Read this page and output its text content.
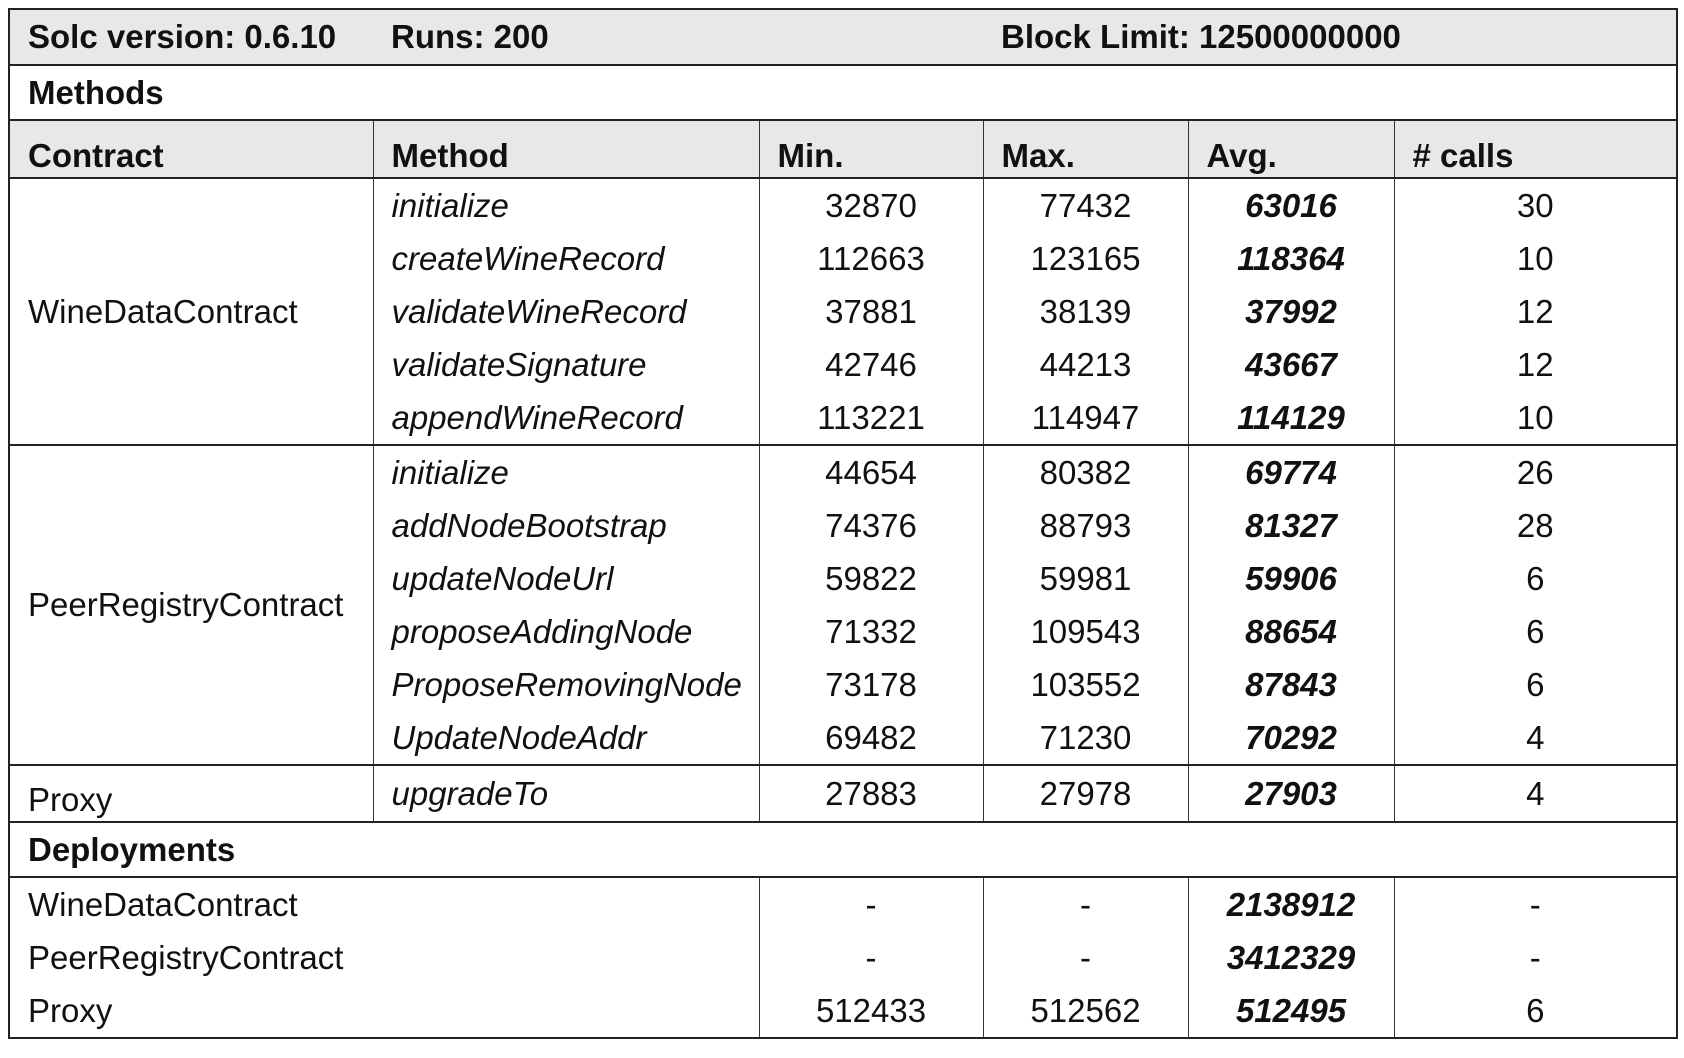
Solc version: 0.6.10	Runs: 200		Block Limit: 12500000000		
Methods					
Contract	Method	Min.	Max.	Avg.	# calls
WineDataContract	initialize	32870	77432	63016	30
	createWineRecord	112663	123165	118364	10
	validateWineRecord	37881	38139	37992	12
	validateSignature	42746	44213	43667	12
	appendWineRecord	113221	114947	114129	10
PeerRegistryContract	initialize	44654	80382	69774	26
	addNodeBootstrap	74376	88793	81327	28
	updateNodeUrl	59822	59981	59906	6
	proposeAddingNode	71332	109543	88654	6
	ProposeRemovingNode	73178	103552	87843	6
	UpdateNodeAddr	69482	71230	70292	4
Proxy	upgradeTo	27883	27978	27903	4
Deployments					
WineDataContract		-	-	2138912	-
PeerRegistryContract		-	-	3412329	-
Proxy		512433	512562	512495	6
